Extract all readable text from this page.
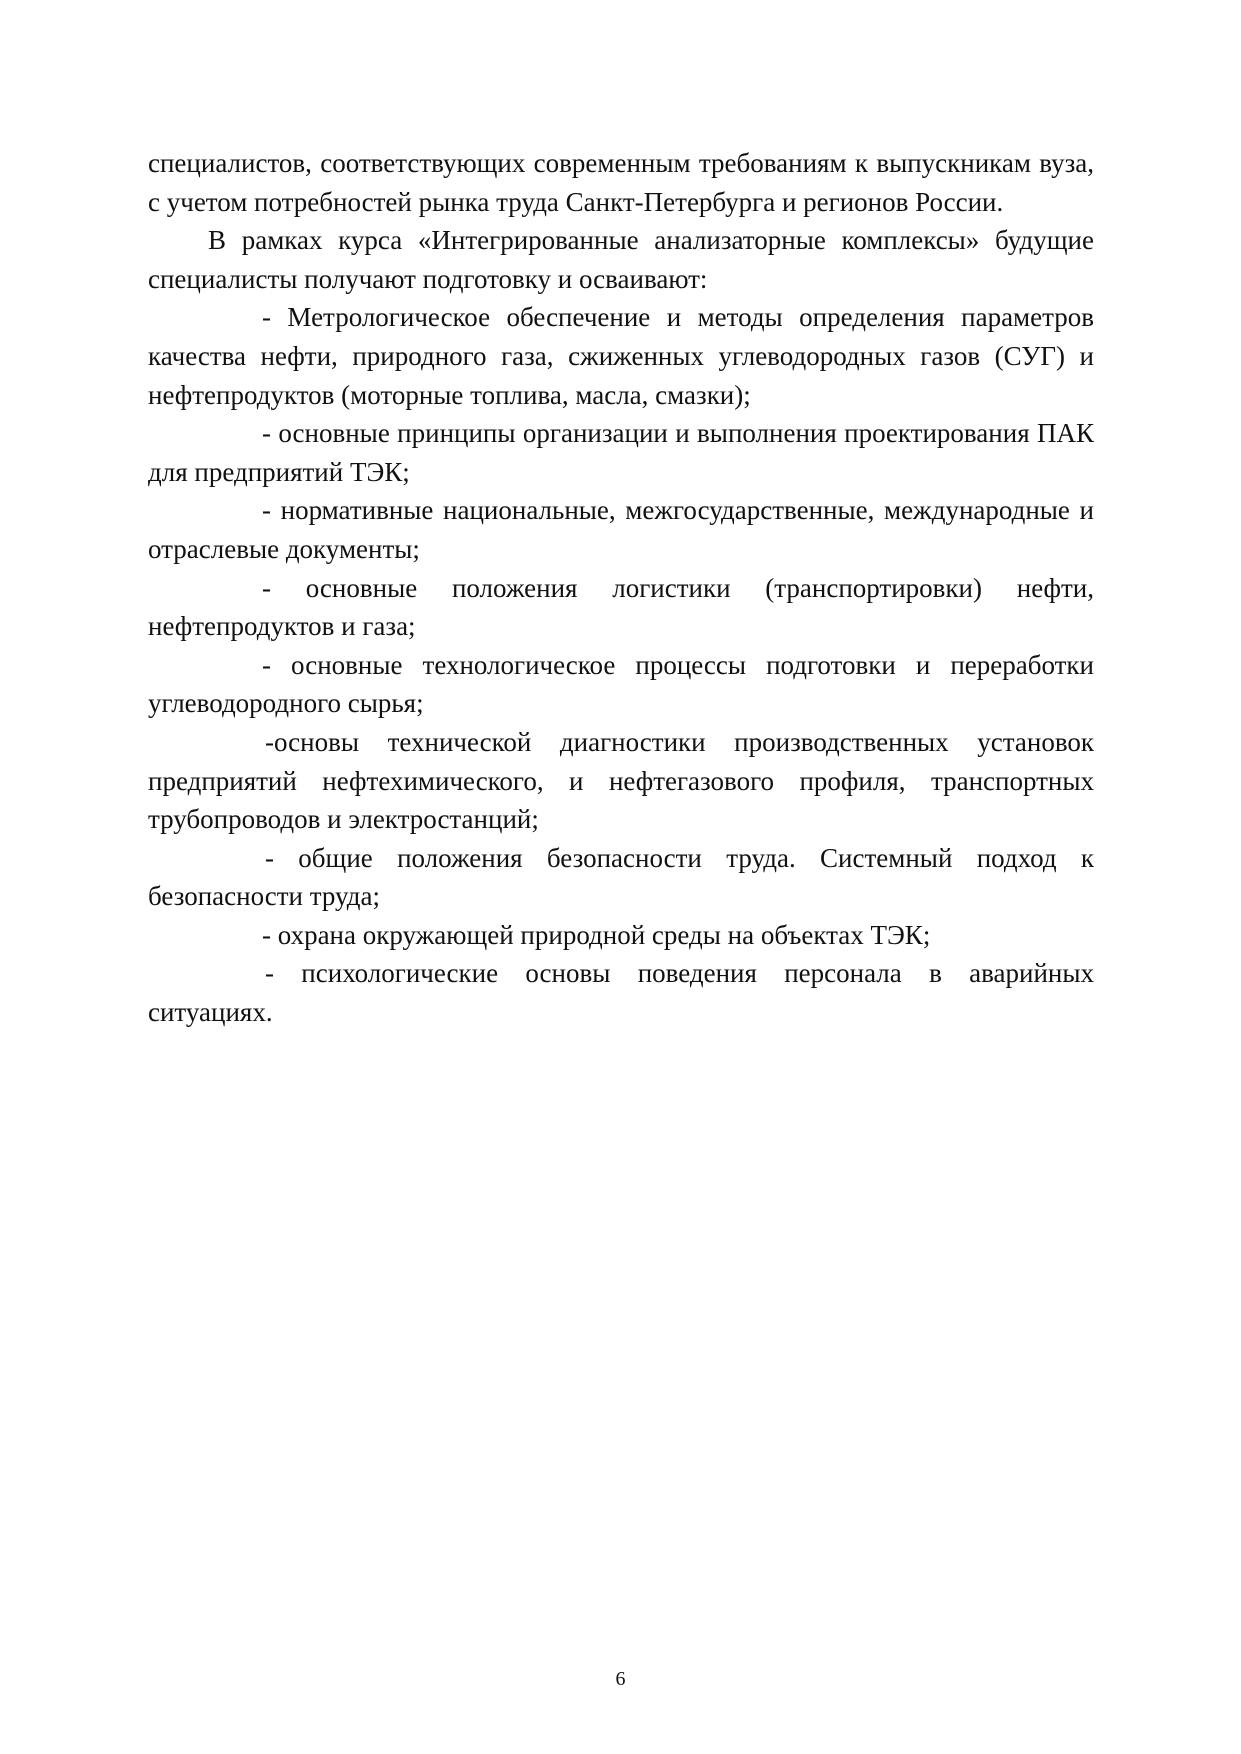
специалистов, соответствующих современным требованиям к выпускникам вуза, с учетом потребностей рынка труда Санкт-Петербурга и регионов России.

В рамках курса «Интегрированные анализаторные комплексы» будущие специалисты получают подготовку и осваивают:

- Метрологическое обеспечение и методы определения параметров качества нефти, природного газа, сжиженных углеводородных газов (СУГ) и нефтепродуктов (моторные топлива, масла, смазки);

- основные принципы организации и выполнения проектирования ПАК для предприятий ТЭК;

- нормативные национальные, межгосударственные, международные и отраслевые документы;

- основные положения логистики (транспортировки) нефти, нефтепродуктов и газа;

- основные технологическое процессы подготовки и переработки углеводородного сырья;

-основы технической диагностики производственных установок предприятий нефтехимического, и нефтегазового профиля, транспортных трубопроводов и электростанций;

- общие положения безопасности труда. Системный подход к безопасности труда;

- охрана окружающей природной среды на объектах ТЭК;

- психологические основы поведения персонала в аварийных ситуациях.

6
